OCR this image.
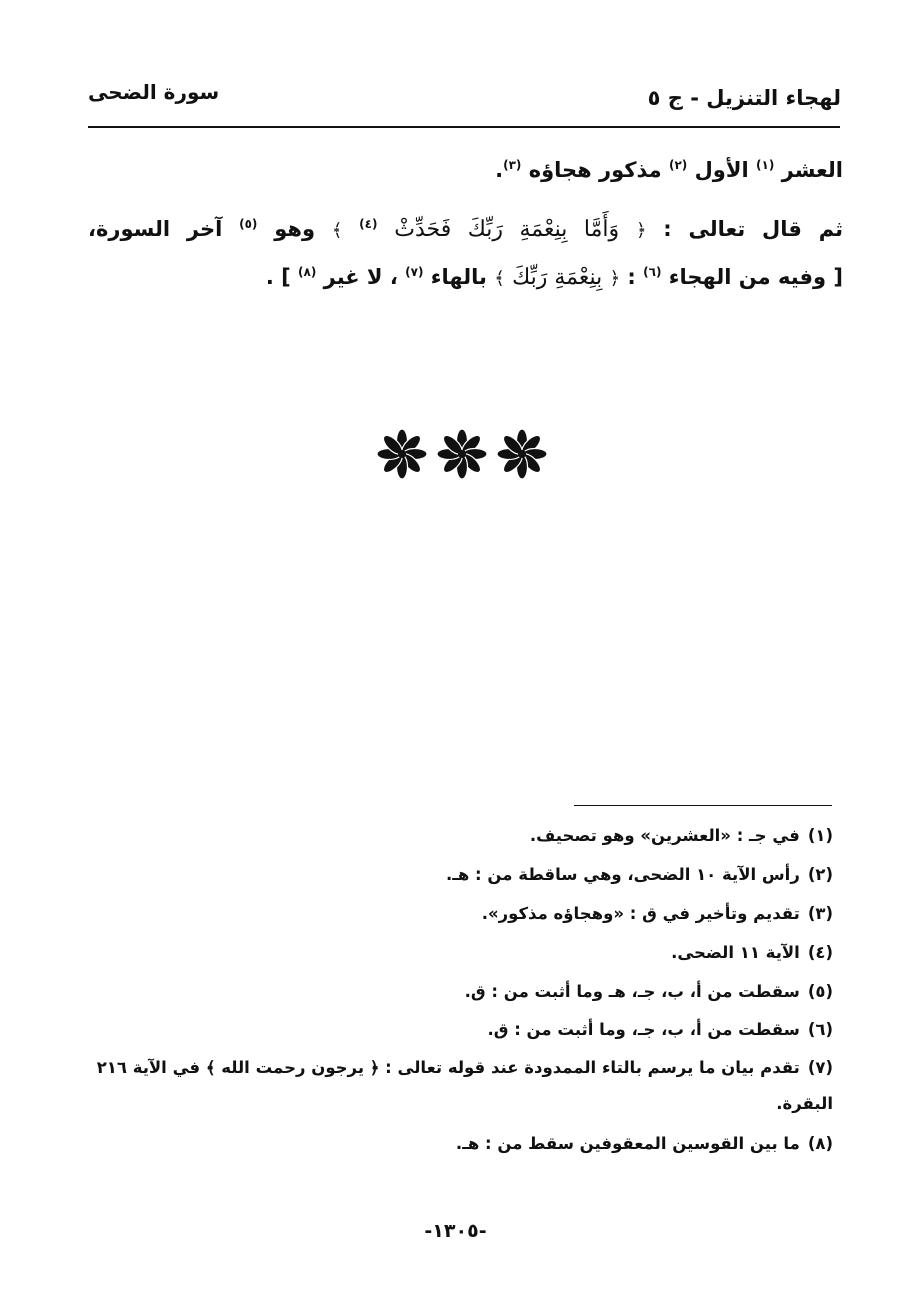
لهجاء التنزيل - ج ٥
سورة الضحى
العشر $^{(١)}$ الأول $^{(٢)}$ مذكور هجاؤه $^{(٣)}$.
ثم قال تعالى : ﴿ وَأَمَّا بِنِعْمَةِ رَبِّكَ فَحَدِّثْ $^{(٤)}$ ﴾ وهو $^{(٥)}$ آخر السورة،
[ وفيه من الهجاء $^{(٦)}$ : ﴿ بِنِعْمَةِ رَبِّكَ ﴾ بالهاء $^{(٧)}$ ، لا غير $^{(٨)}$ ] .
(١)في جـ : «العشرين» وهو تصحيف.
(٢)رأس الآية ١٠ الضحى، وهي ساقطة من : هـ.
(٣)تقديم وتأخير في ق : «وهجاؤه مذكور».
(٤)الآية ١١ الضحى.
(٥)سقطت من أ، ب، جـ، هـ وما أثبت من : ق.
(٦)سقطت من أ، ب، جـ، وما أثبت من : ق.
(٧)تقدم بيان ما يرسم بالتاء الممدودة عند قوله تعالى : ﴿ يرجون رحمت الله ﴾ في الآية ٢١٦ البقرة.
(٨)ما بين القوسين المعقوفين سقط من : هـ.
-١٣٠٥-
